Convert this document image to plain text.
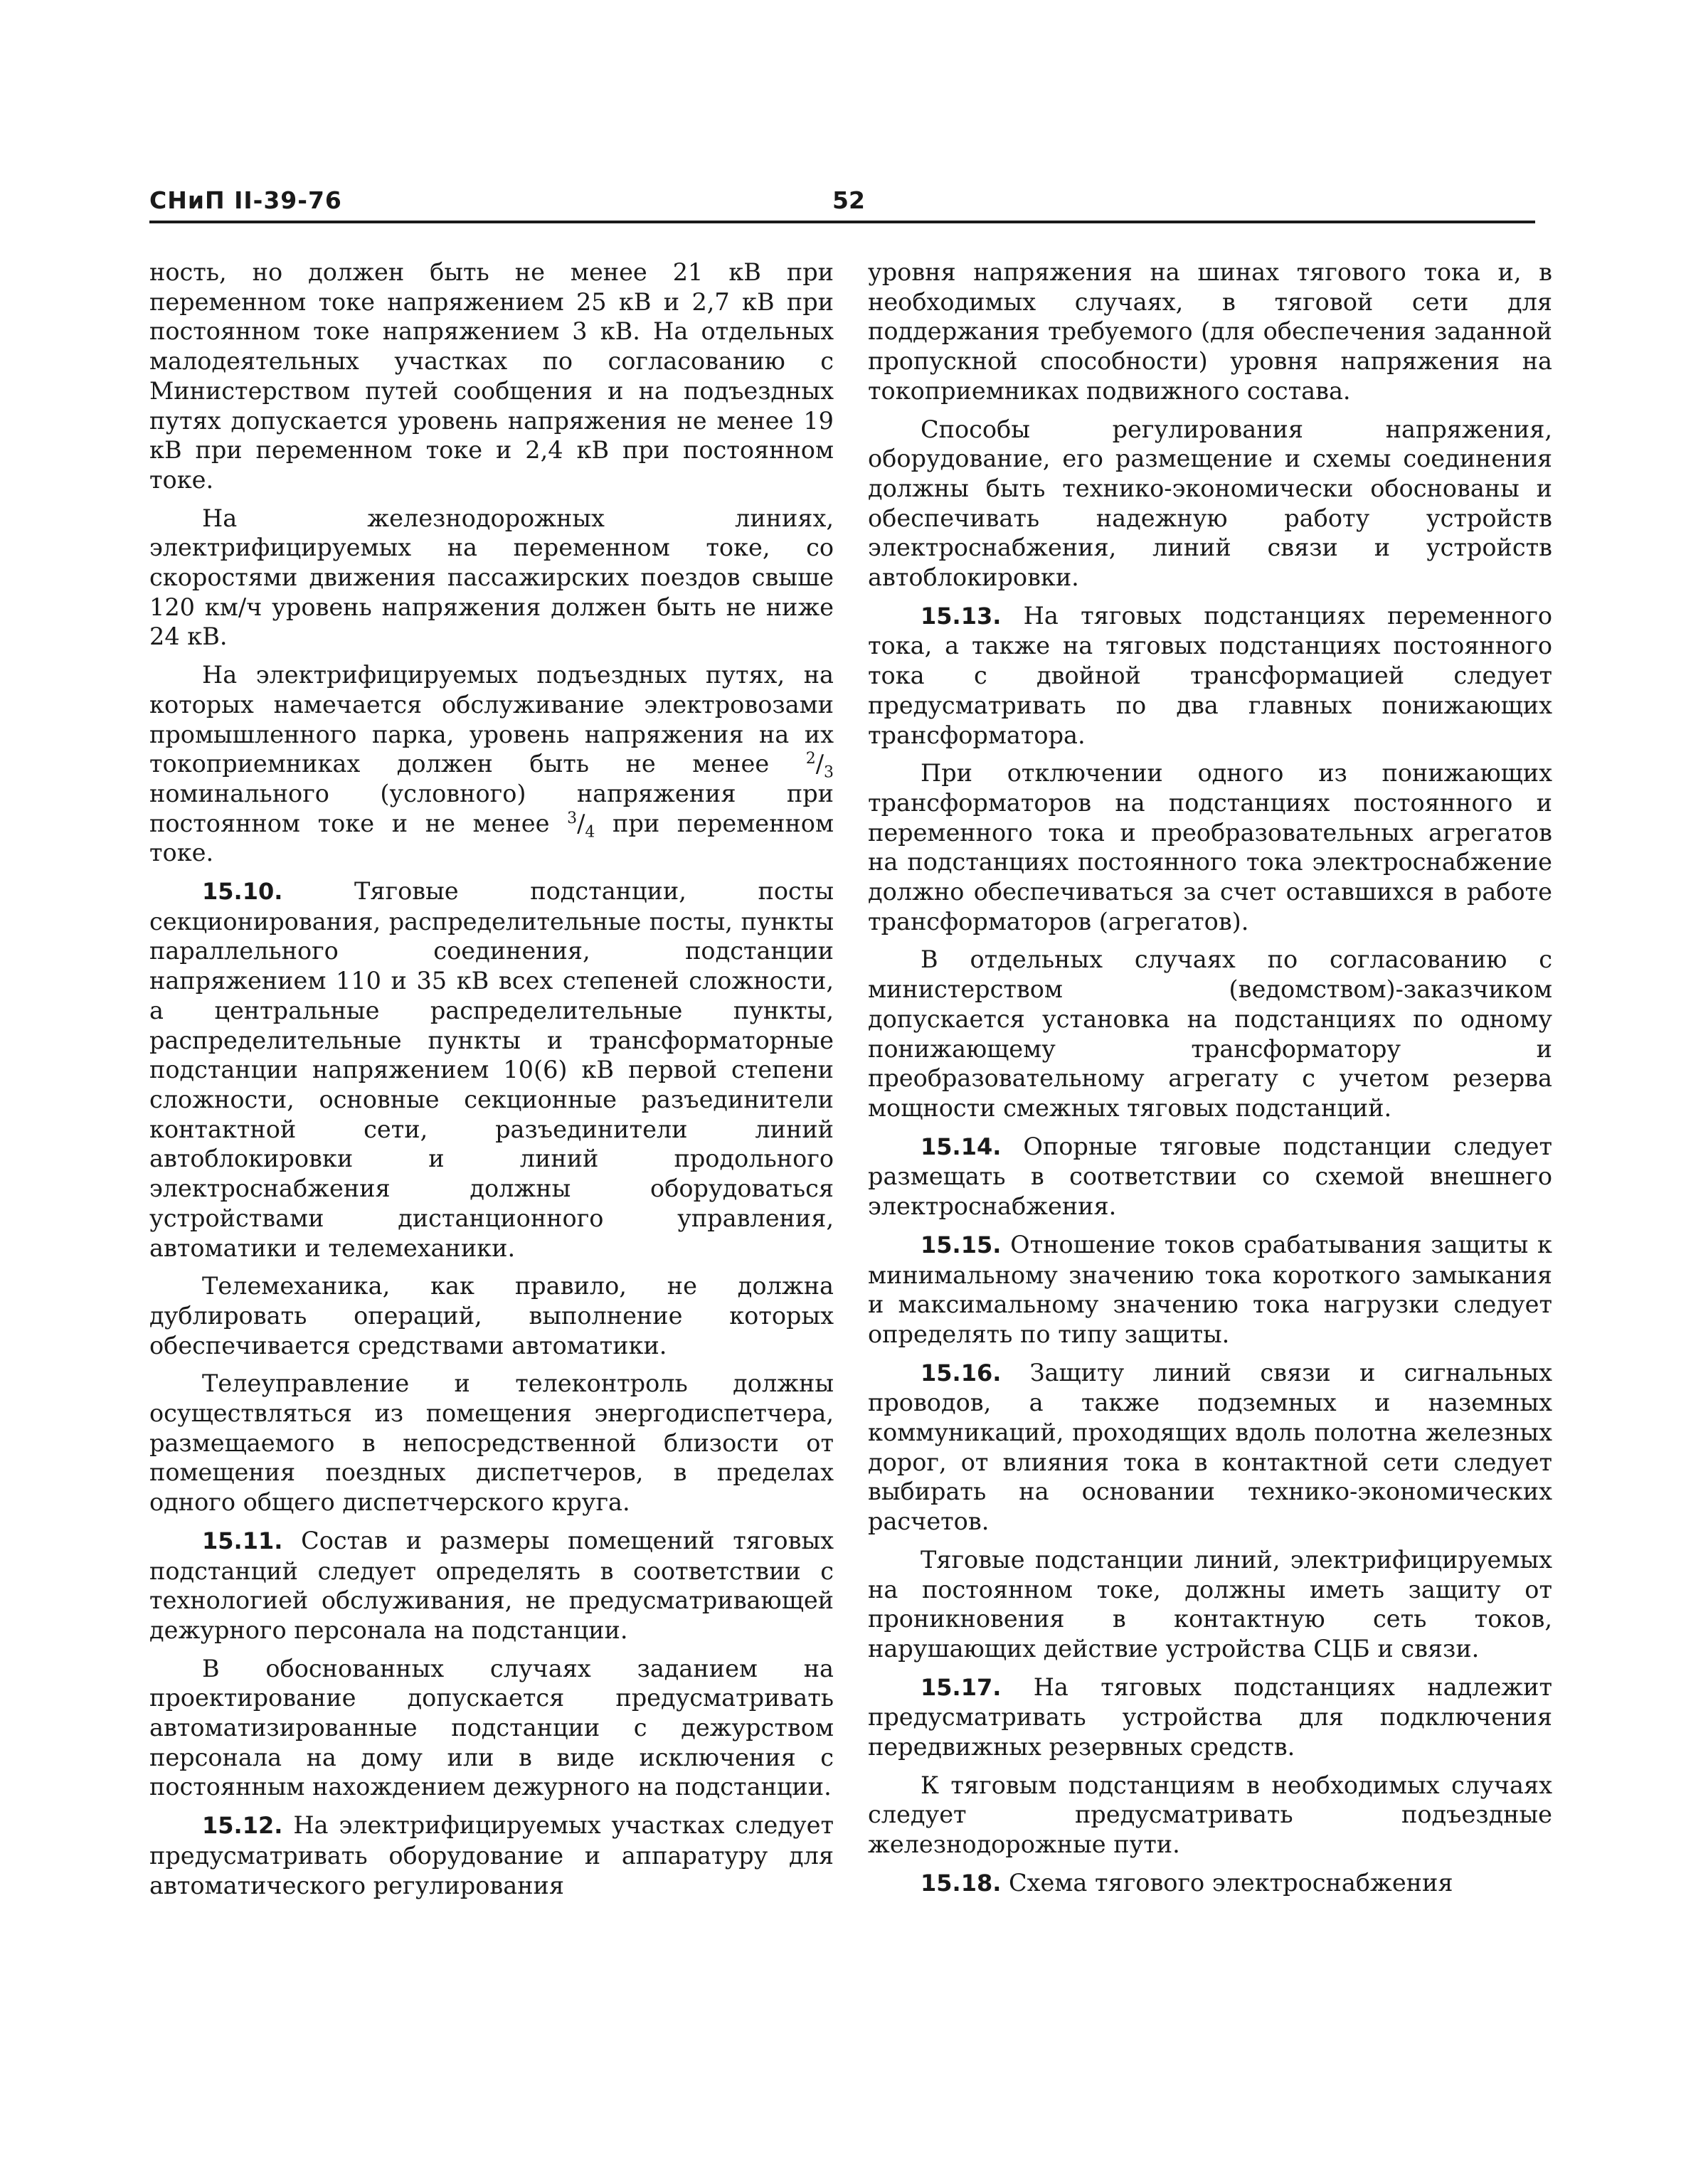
СНиП II-39-76	52

ность, но должен быть не менее 21 кВ при переменном токе напряжением 25 кВ и 2,7 кВ при постоянном токе напряжением 3 кВ. На отдельных малодеятельных участках по согласованию с Министерством путей сообщения и на подъездных путях допускается уровень напряжения не менее 19 кВ при переменном токе и 2,4 кВ при постоянном токе.

На железнодорожных линиях, электрифицируемых на переменном токе, со скоростями движения пассажирских поездов свыше 120 км/ч уровень напряжения должен быть не ниже 24 кВ.

На электрифицируемых подъездных путях, на которых намечается обслуживание электровозами промышленного парка, уровень напряжения на их токоприемниках должен быть не менее $^2/_3$ номинального (условного) напряжения при постоянном токе и не менее $^3/_4$ при переменном токе.

15.10. Тяговые подстанции, посты секционирования, распределительные посты, пункты параллельного соединения, подстанции напряжением 110 и 35 кВ всех степеней сложности, а центральные распределительные пункты, распределительные пункты и трансформаторные подстанции напряжением 10(6) кВ первой степени сложности, основные секционные разъединители контактной сети, разъединители линий автоблокировки и линий продольного электроснабжения должны оборудоваться устройствами дистанционного управления, автоматики и телемеханики.

Телемеханика, как правило, не должна дублировать операций, выполнение которых обеспечивается средствами автоматики.

Телеуправление и телеконтроль должны осуществляться из помещения энергодиспетчера, размещаемого в непосредственной близости от помещения поездных диспетчеров, в пределах одного общего диспетчерского круга.

15.11. Состав и размеры помещений тяговых подстанций следует определять в соответствии с технологией обслуживания, не предусматривающей дежурного персонала на подстанции.

В обоснованных случаях заданием на проектирование допускается предусматривать автоматизированные подстанции с дежурством персонала на дому или в виде исключения с постоянным нахождением дежурного на подстанции.

15.12. На электрифицируемых участках следует предусматривать оборудование и аппаратуру для автоматического регулирования

уровня напряжения на шинах тягового тока и, в необходимых случаях, в тяговой сети для поддержания требуемого (для обеспечения заданной пропускной способности) уровня напряжения на токоприемниках подвижного состава.

Способы регулирования напряжения, оборудование, его размещение и схемы соединения должны быть технико-экономически обоснованы и обеспечивать надежную работу устройств электроснабжения, линий связи и устройств автоблокировки.

15.13. На тяговых подстанциях переменного тока, а также на тяговых подстанциях постоянного тока с двойной трансформацией следует предусматривать по два главных понижающих трансформатора.

При отключении одного из понижающих трансформаторов на подстанциях постоянного и переменного тока и преобразовательных агрегатов на подстанциях постоянного тока электроснабжение должно обеспечиваться за счет оставшихся в работе трансформаторов (агрегатов).

В отдельных случаях по согласованию с министерством (ведомством)-заказчиком допускается установка на подстанциях по одному понижающему трансформатору и преобразовательному агрегату с учетом резерва мощности смежных тяговых подстанций.

15.14. Опорные тяговые подстанции следует размещать в соответствии со схемой внешнего электроснабжения.

15.15. Отношение токов срабатывания защиты к минимальному значению тока короткого замыкания и максимальному значению тока нагрузки следует определять по типу защиты.

15.16. Защиту линий связи и сигнальных проводов, а также подземных и наземных коммуникаций, проходящих вдоль полотна железных дорог, от влияния тока в контактной сети следует выбирать на основании технико-экономических расчетов.

Тяговые подстанции линий, электрифицируемых на постоянном токе, должны иметь защиту от проникновения в контактную сеть токов, нарушающих действие устройства СЦБ и связи.

15.17. На тяговых подстанциях надлежит предусматривать устройства для подключения передвижных резервных средств.

К тяговым подстанциям в необходимых случаях следует предусматривать подъездные железнодорожные пути.

15.18. Схема тягового электроснабжения
